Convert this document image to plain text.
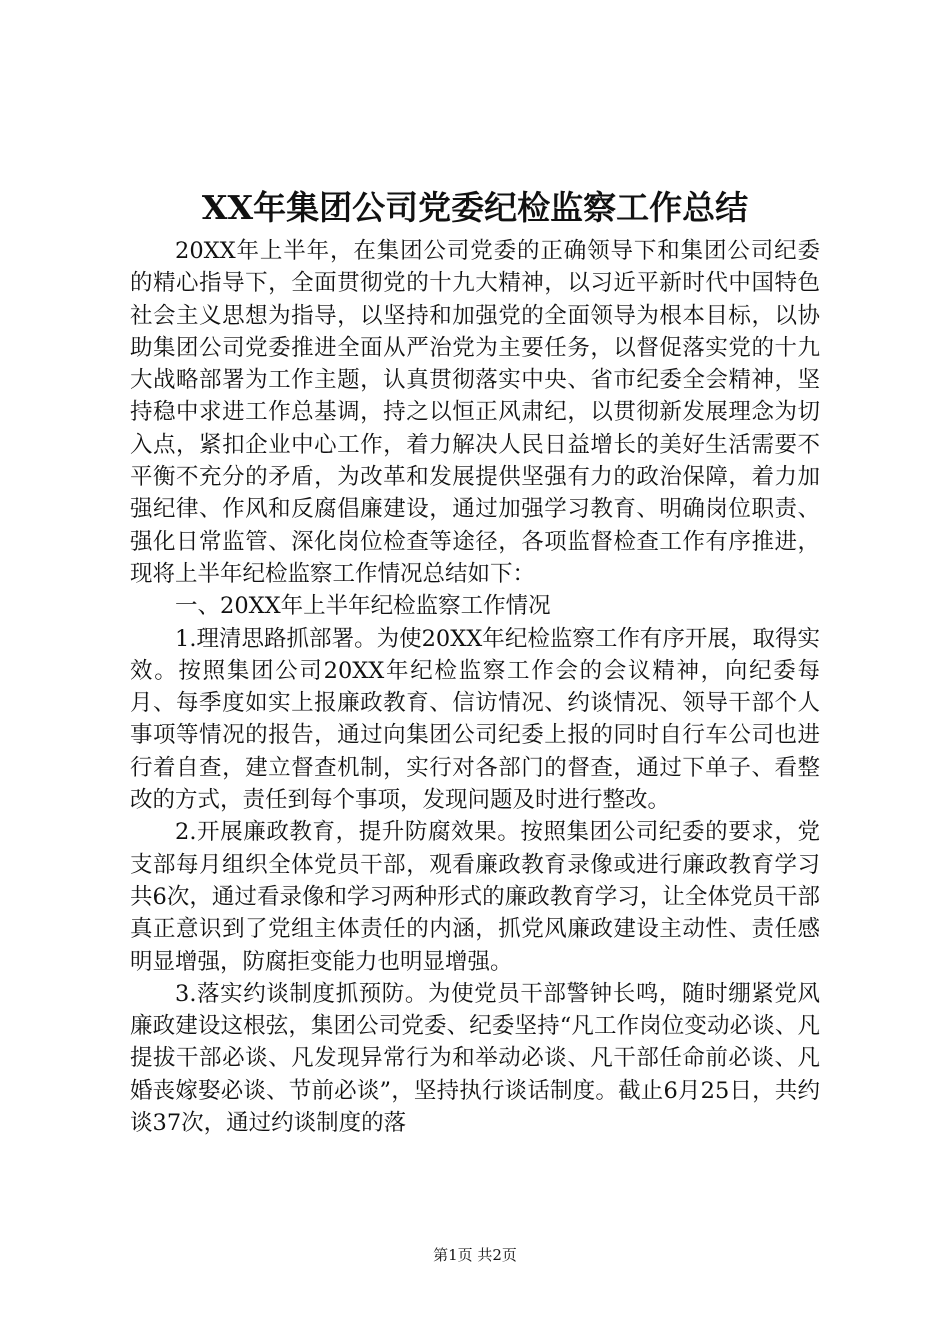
XX年集团公司党委纪检监察工作总结

20XX年上半年，在集团公司党委的正确领导下和集团公司纪委的精心指导下，全面贯彻党的十九大精神，以习近平新时代中国特色社会主义思想为指导，以坚持和加强党的全面领导为根本目标，以协助集团公司党委推进全面从严治党为主要任务，以督促落实党的十九大战略部署为工作主题，认真贯彻落实中央、省市纪委全会精神，坚持稳中求进工作总基调，持之以恒正风肃纪，以贯彻新发展理念为切入点，紧扣企业中心工作，着力解决人民日益增长的美好生活需要不平衡不充分的矛盾，为改革和发展提供坚强有力的政治保障，着力加强纪律、作风和反腐倡廉建设，通过加强学习教育、明确岗位职责、强化日常监管、深化岗位检查等途径，各项监督检查工作有序推进，现将上半年纪检监察工作情况总结如下：

一、20XX年上半年纪检监察工作情况

1.理清思路抓部署。为使20XX年纪检监察工作有序开展，取得实效。按照集团公司20XX年纪检监察工作会的会议精神，向纪委每月、每季度如实上报廉政教育、信访情况、约谈情况、领导干部个人事项等情况的报告，通过向集团公司纪委上报的同时自行车公司也进行着自查，建立督查机制，实行对各部门的督查，通过下单子、看整改的方式，责任到每个事项，发现问题及时进行整改。

2.开展廉政教育，提升防腐效果。按照集团公司纪委的要求，党支部每月组织全体党员干部，观看廉政教育录像或进行廉政教育学习共6次，通过看录像和学习两种形式的廉政教育学习，让全体党员干部真正意识到了党组主体责任的内涵，抓党风廉政建设主动性、责任感明显增强，防腐拒变能力也明显增强。

3.落实约谈制度抓预防。为使党员干部警钟长鸣，随时绷紧党风廉政建设这根弦，集团公司党委、纪委坚持“凡工作岗位变动必谈、凡提拔干部必谈、凡发现异常行为和举动必谈、凡干部任命前必谈、凡婚丧嫁娶必谈、节前必谈”，坚持执行谈话制度。截止6月25日，共约谈37次，通过约谈制度的落

第1页 共2页
